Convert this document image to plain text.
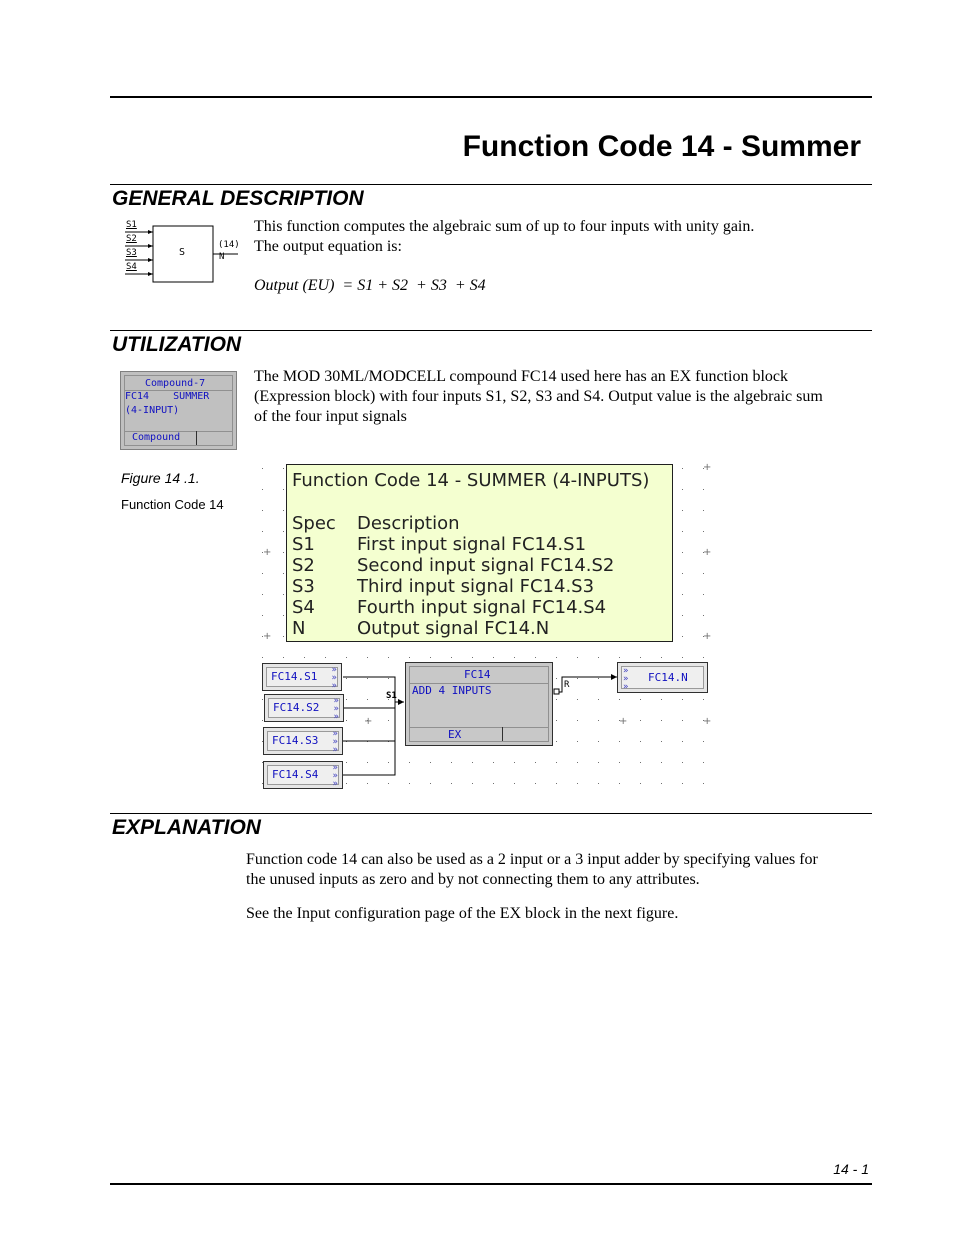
Function Code 14 - Summer
GENERAL DESCRIPTION
S1
S2
S3
S4
S
(14)
N
This function computes the algebraic sum of up to four inputs with unity gain.
The output equation is:
Output (EU)  = S1 + S2  + S3  + S4
UTILIZATION
Compound-7
FC14    SUMMER
(4-INPUT)
Compound
The MOD 30ML/MODCELL compound FC14 used here has an EX function block
(Expression block) with four inputs S1, S2, S3 and S4. Output value is the algebraic sum
of the four input signals
Figure 14 .1.
Function Code 14
+
+
+
+
+	+
+
+
Function Code 14 - SUMMER (4-INPUTS)
Spec Description
S1 First input signal FC14.S1
S2 Second input signal FC14.S2
S3 Third input signal FC14.S3
S4 Fourth input signal FC14.S4
N	Output signal FC14.N
FC14.S1 »
»
»
FC14.S2 »
»
»
FC14.S3 »
»
»
FC14.S4 »
»
»
S1
FC14
ADD 4 INPUTS
EX
R
»
»
»
FC14.N
EXPLANATION
Function code 14 can also be used as a 2 input or a 3 input adder by specifying values for
the unused inputs as zero and by not connecting them to any attributes.
See the Input configuration page of the EX block in the next figure.
14 - 1
